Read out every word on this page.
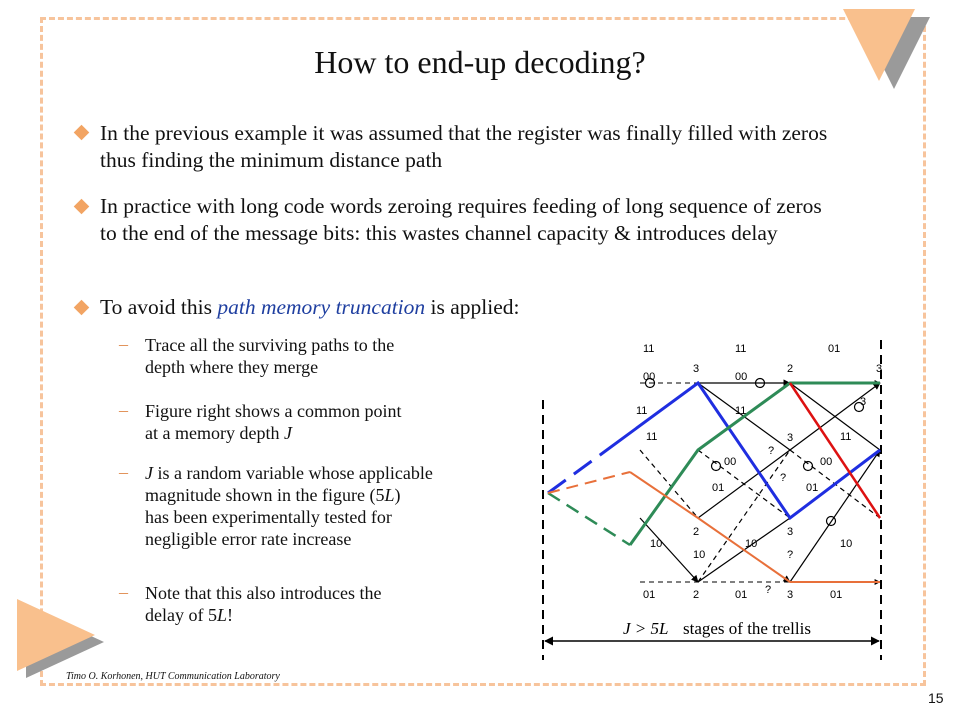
How to end-up decoding?
In the previous example it was assumed that the register was finally filled with zeros thus finding the minimum distance path
In practice with long code words zeroing requires feeding of long sequence of zeros to the end of the message bits: this wastes channel capacity & introduces delay
To avoid this path memory truncation is applied:
– Trace all the surviving paths to the
depth where they merge
– Figure right shows a common point
at a memory depth J
– J is a random variable whose applicable
magnitude shown in the figure (5L)
has been experimentally tested for
negligible error rate increase
– Note that this also introduces the
delay of 5L!
11	11	01
3	2	3
00	00
11	11
3
11	11
3
00	00
01	01
?
?
2	3
10	10	10
10	?
01	01
2	3	01
?
J > 5L stages of the trellis
Timo O. Korhonen, HUT Communication Laboratory
15
